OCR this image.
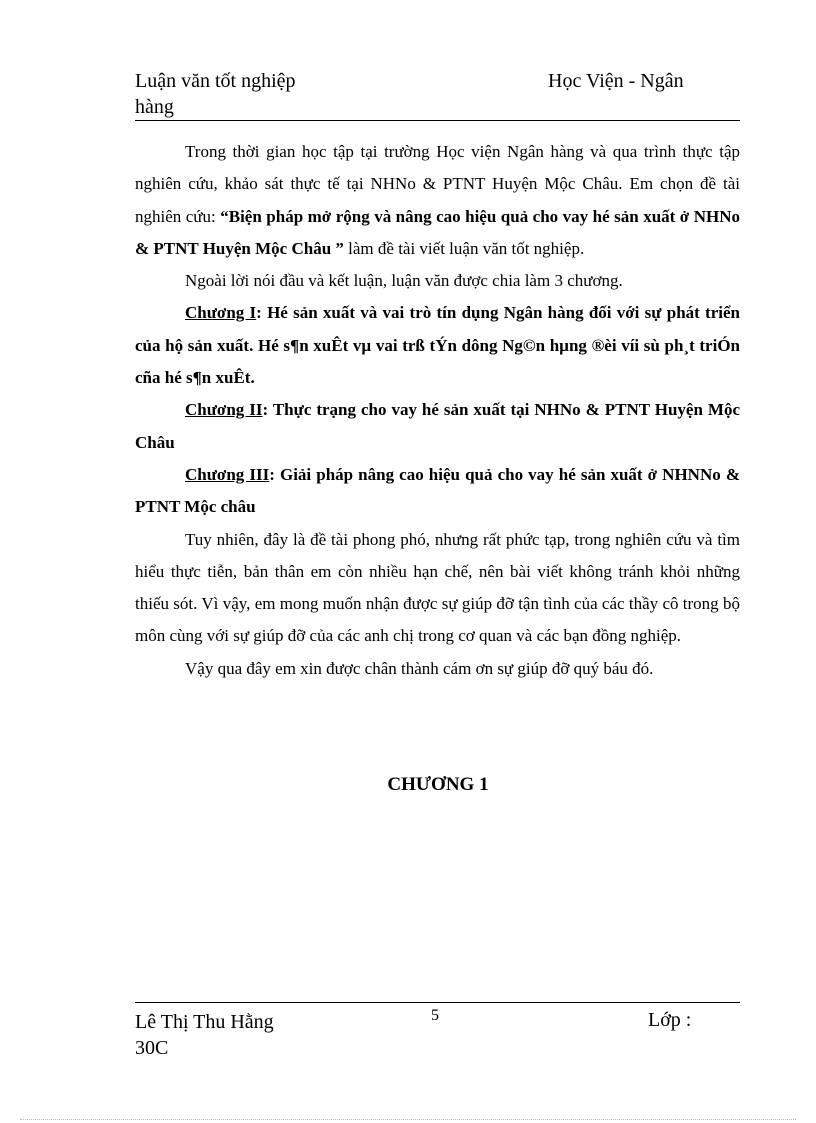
Luận văn tốt nghiệp hàng
Học Viện - Ngân

Trong thời gian học tập tại trường Học viện Ngân hàng và qua trình thực tập nghiên cứu, khảo sát thực tế tại NHNo & PTNT Huyện Mộc Châu. Em chọn đề tài nghiên cứu: “Biện pháp mở rộng và nâng cao hiệu quả cho vay hé sản xuất ở NHNo & PTNT Huyện Mộc Châu ” làm đề tài viết luận văn tốt nghiệp.

Ngoài lời nói đầu và kết luận, luận văn được chia làm 3 chương.

Chương I: Hé sản xuất và vai trò tín dụng Ngân hàng đối với sự phát triển của hộ sản xuất. Hé s¶n xuÊt vµ vai trß tÝn dông Ng©n hµng ®èi víi sù ph¸t triÓn cña hé s¶n xuÊt.

Chương II: Thực trạng cho vay hé sản xuất tại NHNo & PTNT Huyện Mộc Châu

Chương III: Giải pháp nâng cao hiệu quả cho vay hé sản xuất ở NHNNo & PTNT Mộc châu

Tuy nhiên, đây là đề tài phong phó, nhưng rất phức tạp, trong nghiên cứu và tìm hiểu thực tiễn, bản thân em còn nhiều hạn chế, nên bài viết không tránh khỏi những thiếu sót. Vì vậy, em mong muốn nhận được sự giúp đỡ tận tình của các thầy cô trong bộ môn cùng với sự giúp đỡ của các anh chị trong cơ quan và các bạn đồng nghiệp.

Vậy qua đây em xin được chân thành cám ơn sự giúp đỡ quý báu đó.

CHƯƠNG 1
Lê Thị Thu Hằng 30C
5	Lớp :
